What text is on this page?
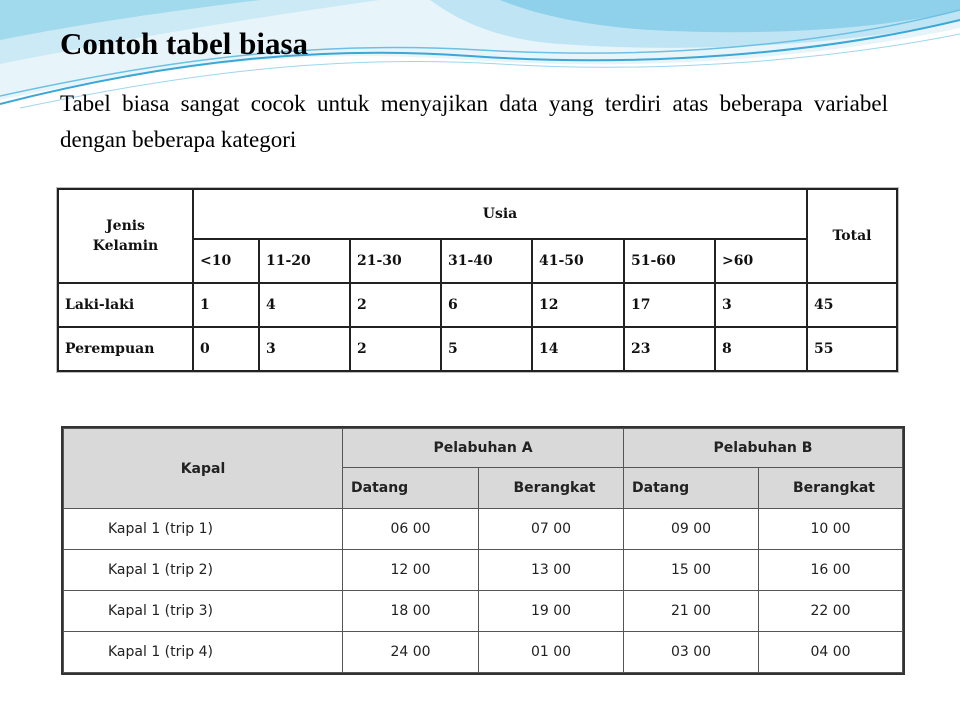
Contoh tabel biasa

Tabel biasa sangat cocok untuk menyajikan data yang terdiri atas beberapa variabel dengan beberapa kategori

Jenis
Kelamin	Usia							Total
	<10	11-20	21-30	31-40	41-50	51-60	>60	
Laki-laki	1	4	2	6	12	17	3	45
Perempuan	0	3	2	5	14	23	8	55
Kapal	Pelabuhan A		Pelabuhan B	
	Datang	Berangkat	Datang	Berangkat
Kapal 1 (trip 1)	06 00	07 00	09 00	10 00
Kapal 1 (trip 2)	12 00	13 00	15 00	16 00
Kapal 1 (trip 3)	18 00	19 00	21 00	22 00
Kapal 1 (trip 4)	24 00	01 00	03 00	04 00
